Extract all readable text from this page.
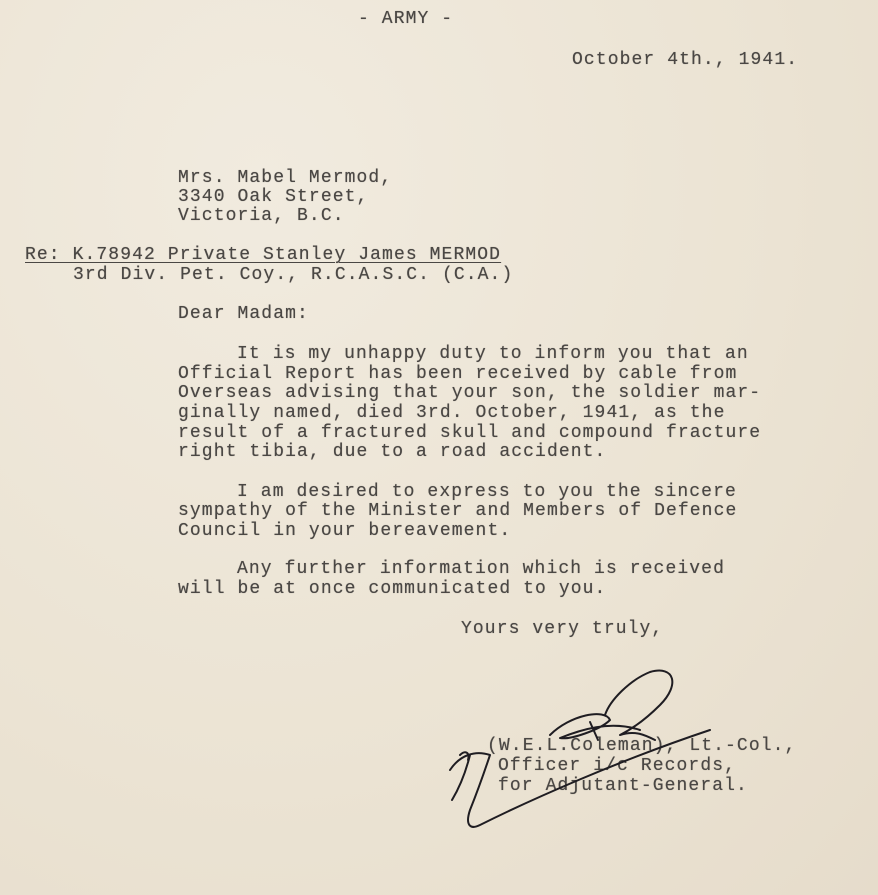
- ARMY -
October 4th., 1941.
Mrs. Mabel Mermod,
3340 Oak Street,
Victoria, B.C.
Re: K.78942 Private Stanley James MERMOD
3rd Div. Pet. Coy., R.C.A.S.C. (C.A.)
Dear Madam:
It is my unhappy duty to inform you that an
Official Report has been received by cable from
Overseas advising that your son, the soldier mar-
ginally named, died 3rd. October, 1941, as the
result of a fractured skull and compound fracture
right tibia, due to a road accident.
I am desired to express to you the sincere
sympathy of the Minister and Members of Defence
Council in your bereavement.
Any further information which is received
will be at once communicated to you.
Yours very truly,
(W.E.L.Coleman), Lt.-Col.,
Officer i/c Records,
for Adjutant-General.
